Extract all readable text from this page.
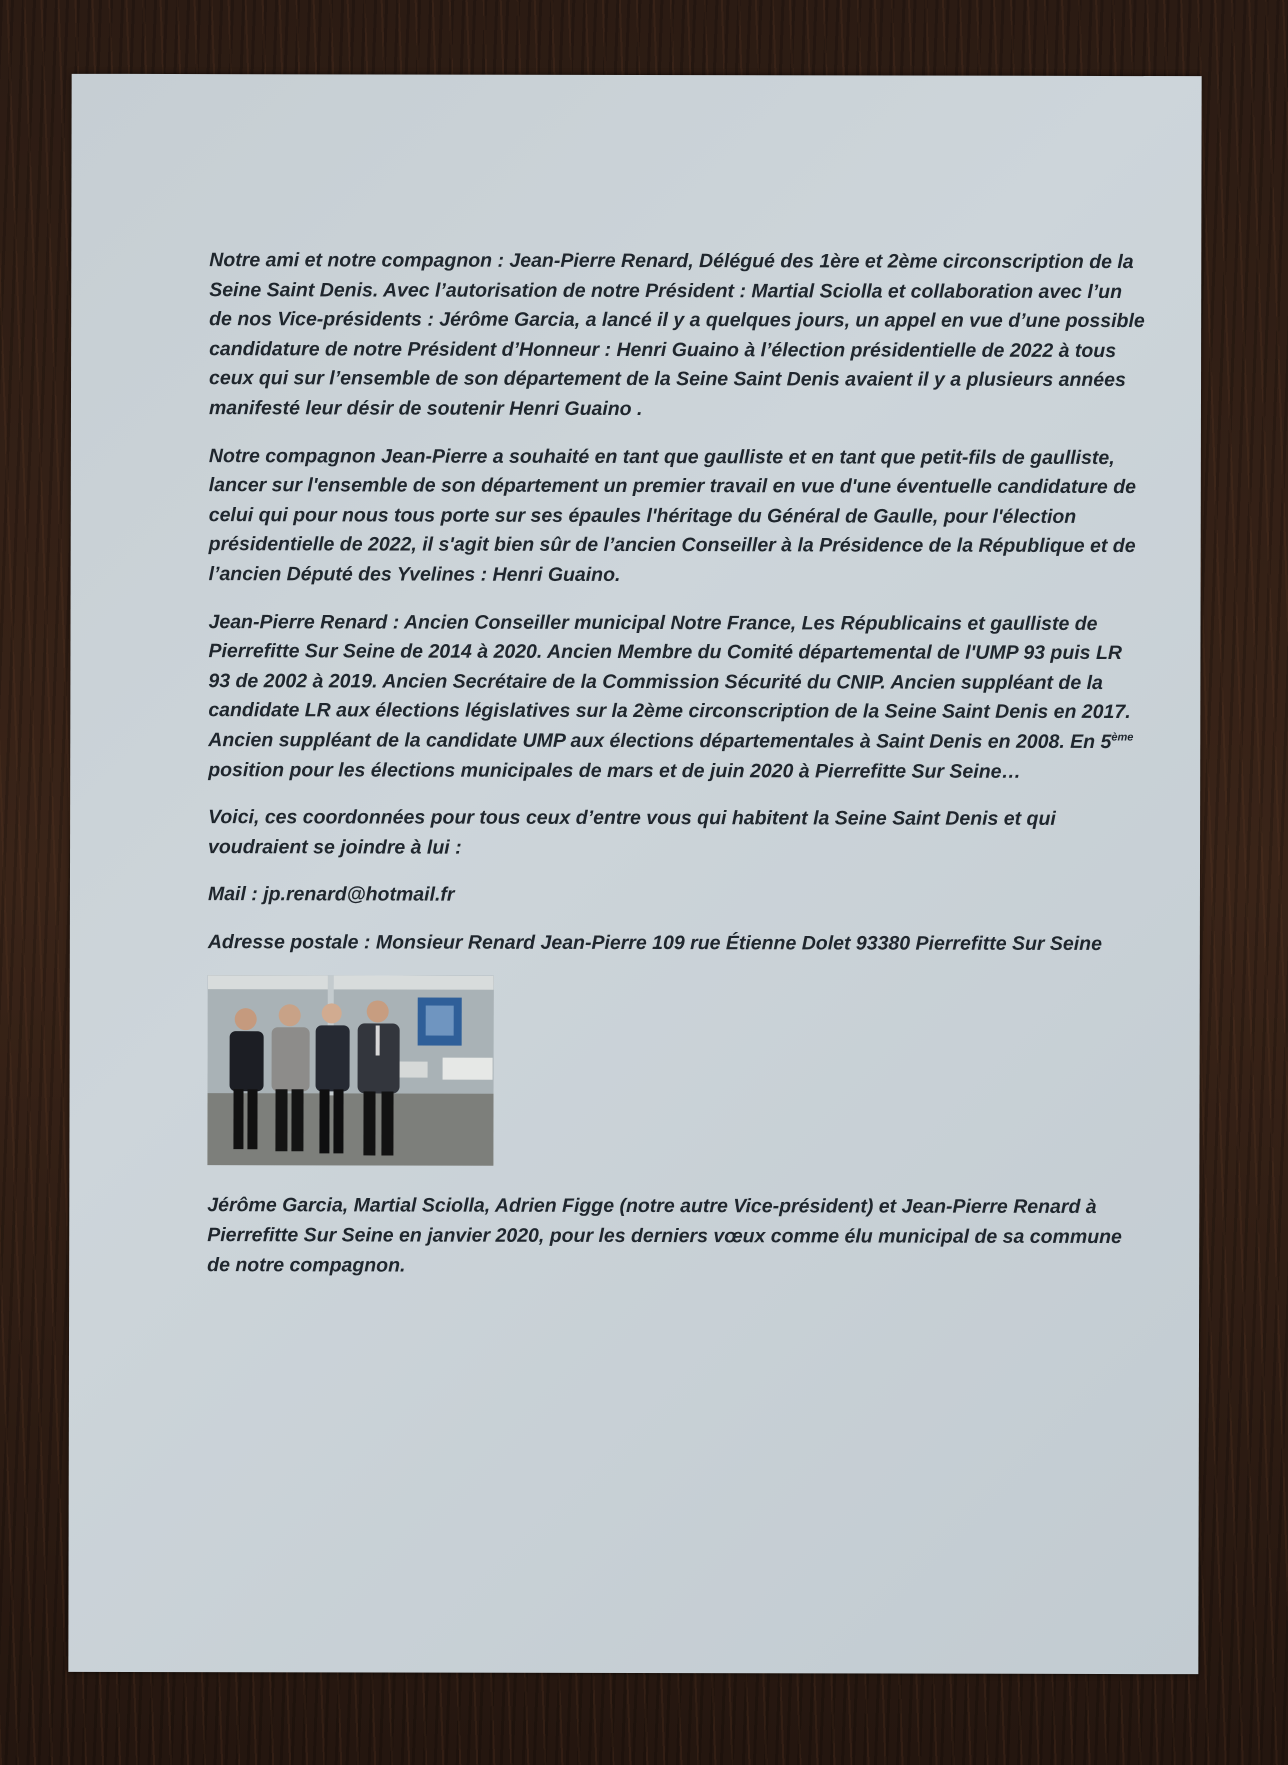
Notre ami et notre compagnon : Jean-Pierre Renard, Délégué des 1ère et 2ème circonscription de la Seine Saint Denis. Avec l’autorisation de notre Président : Martial Sciolla et collaboration avec l’un de nos Vice-présidents : Jérôme Garcia, a lancé il y a quelques jours, un appel en vue d’une possible candidature de notre Président d’Honneur : Henri Guaino à l’élection présidentielle de 2022 à tous ceux qui sur l’ensemble de son département de la Seine Saint Denis avaient il y a plusieurs années manifesté leur désir de soutenir Henri Guaino .

Notre compagnon Jean-Pierre a souhaité en tant que gaulliste et en tant que petit-fils de gaulliste, lancer sur l'ensemble de son département un premier travail en vue d'une éventuelle candidature de celui qui pour nous tous porte sur ses épaules l'héritage du Général de Gaulle, pour l'élection présidentielle de 2022, il s'agit bien sûr de l’ancien Conseiller à la Présidence de la République et de l’ancien Député des Yvelines : Henri Guaino.

Jean-Pierre Renard : Ancien Conseiller municipal Notre France, Les Républicains et gaulliste de Pierrefitte Sur Seine de 2014 à 2020. Ancien Membre du Comité départemental de l'UMP 93 puis LR 93 de 2002 à 2019. Ancien Secrétaire de la Commission Sécurité du CNIP. Ancien suppléant de la candidate LR aux élections législatives sur la 2ème circonscription de la Seine Saint Denis en 2017. Ancien suppléant de la candidate UMP aux élections départementales à Saint Denis en 2008. En 5ème position pour les élections municipales de mars et de juin 2020 à Pierrefitte Sur Seine…

Voici, ces coordonnées pour tous ceux d’entre vous qui habitent la Seine Saint Denis et qui voudraient se joindre à lui :

Mail : jp.renard@hotmail.fr

Adresse postale : Monsieur Renard Jean-Pierre 109 rue Étienne Dolet 93380 Pierrefitte Sur Seine

Jérôme Garcia, Martial Sciolla, Adrien Figge (notre autre Vice-président) et Jean-Pierre Renard à Pierrefitte Sur Seine en janvier 2020, pour les derniers vœux comme élu municipal de sa commune de notre compagnon.
